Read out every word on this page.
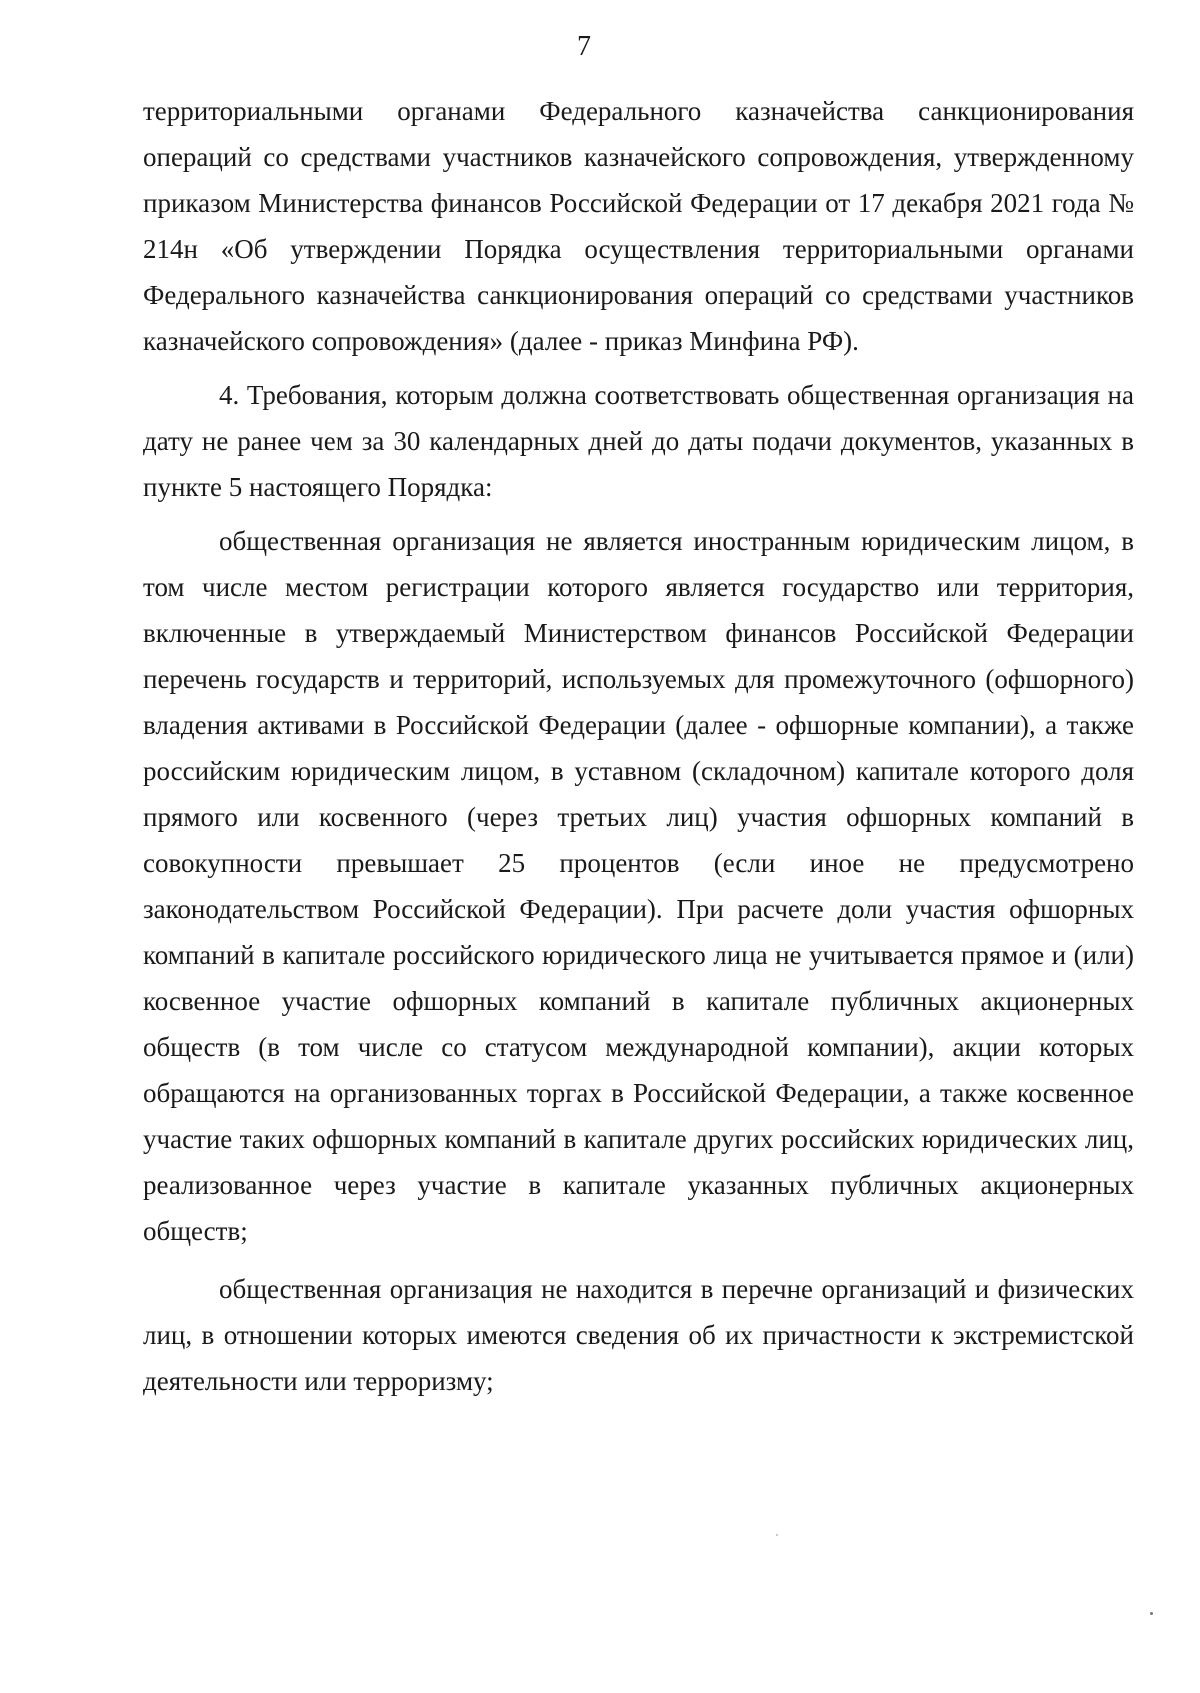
7

территориальными органами Федерального казначейства санкционирования операций со средствами участников казначейского сопровождения, утвержденному приказом Министерства финансов Российской Федерации от 17 декабря 2021 года № 214н «Об утверждении Порядка осуществления территориальными органами Федерального казначейства санкционирования операций со средствами участников казначейского сопровождения» (далее - приказ Минфина РФ).

4. Требования, которым должна соответствовать общественная организация на дату не ранее чем за 30 календарных дней до даты подачи документов, указанных в пункте 5 настоящего Порядка:

общественная организация не является иностранным юридическим лицом, в том числе местом регистрации которого является государство или территория, включенные в утверждаемый Министерством финансов Российской Федерации перечень государств и территорий, используемых для промежуточного (офшорного) владения активами в Российской Федерации (далее - офшорные компании), а также российским юридическим лицом, в уставном (складочном) капитале которого доля прямого или косвенного (через третьих лиц) участия офшорных компаний в совокупности превышает 25 процентов (если иное не предусмотрено законодательством Российской Федерации). При расчете доли участия офшорных компаний в капитале российского юридического лица не учитывается прямое и (или) косвенное участие офшорных компаний в капитале публичных акционерных обществ (в том числе со статусом международной компании), акции которых обращаются на организованных торгах в Российской Федерации, а также косвенное участие таких офшорных компаний в капитале других российских юридических лиц, реализованное через участие в капитале указанных публичных акционерных обществ;

общественная организация не находится в перечне организаций и физических лиц, в отношении которых имеются сведения об их причастности к экстремистской деятельности или терроризму;
